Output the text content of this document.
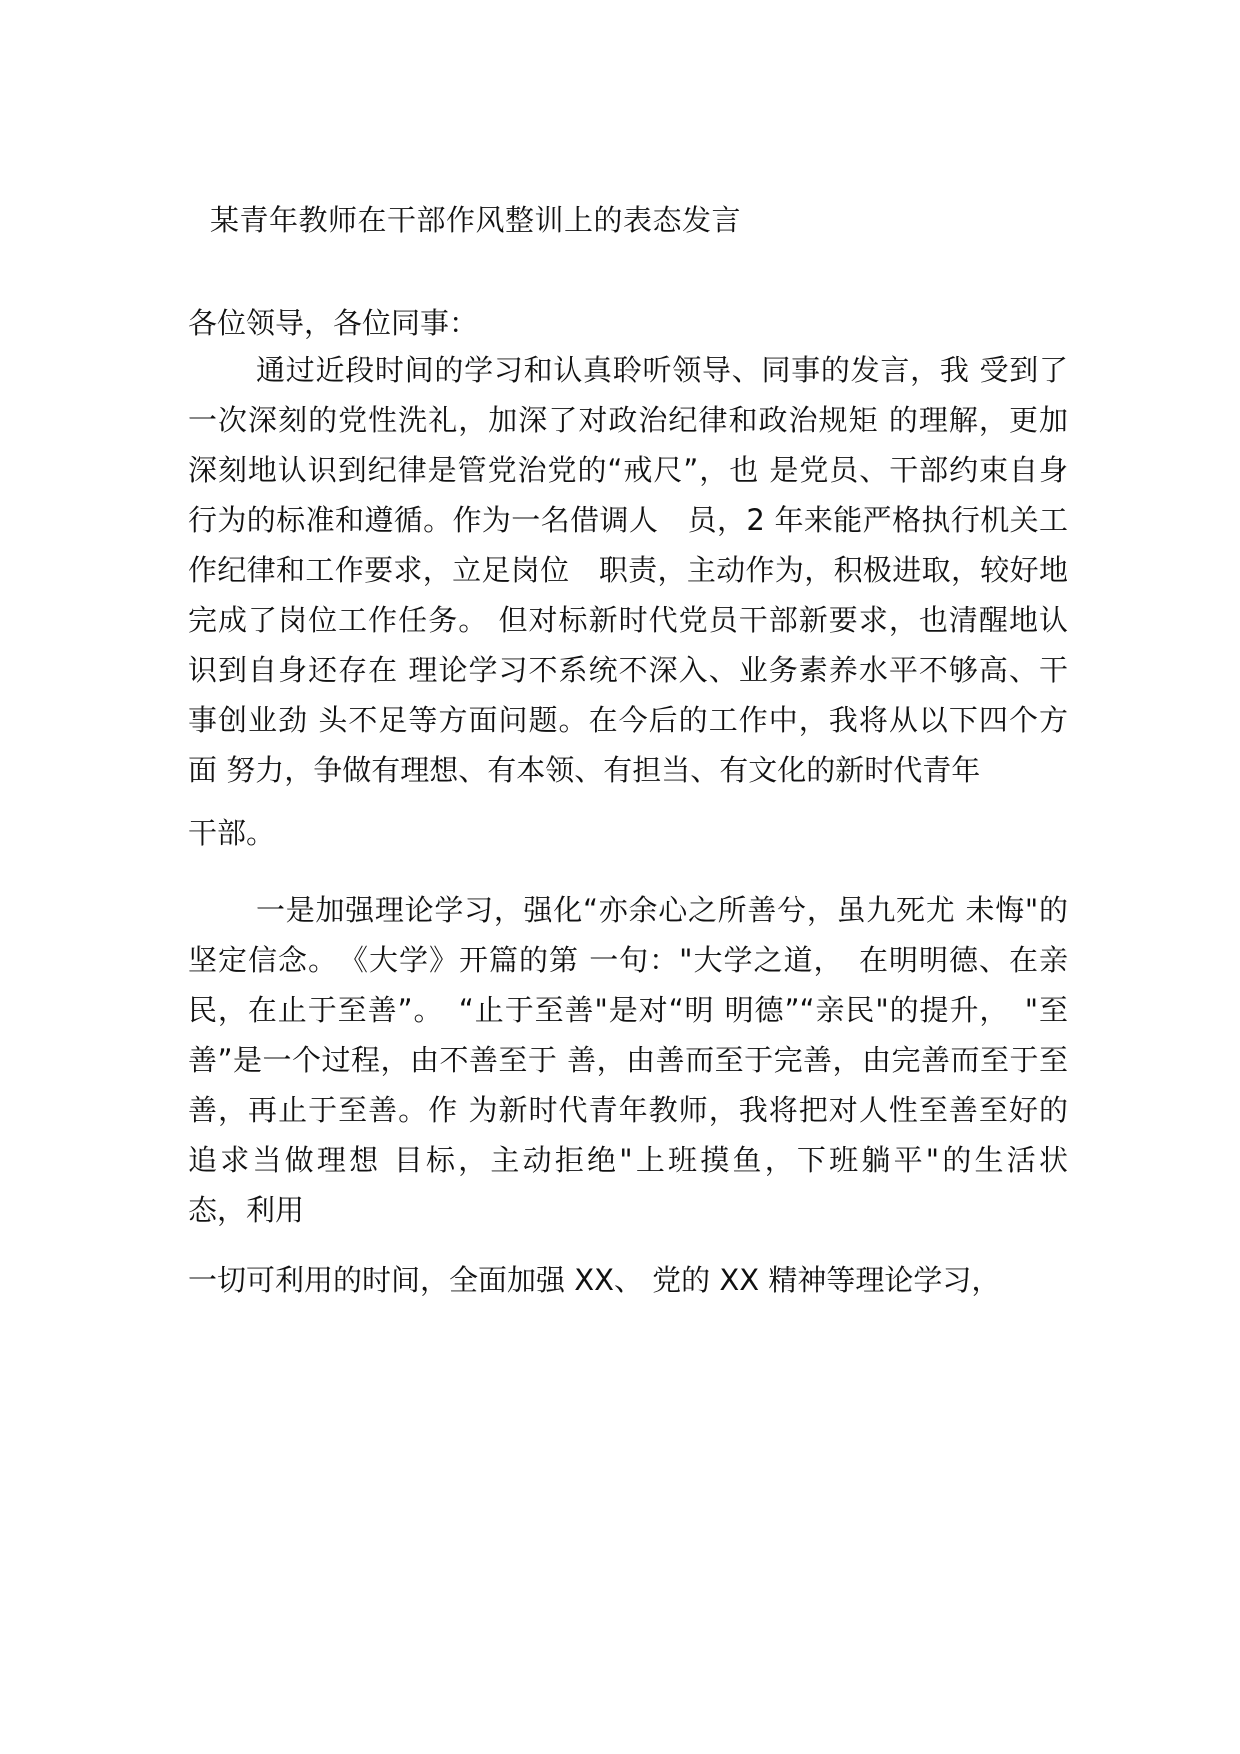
某青年教师在干部作风整训上的表态发言
各位领导，各位同事：
通过近段时间的学习和认真聆听领导、同事的发言，我 受到了
一次深刻的党性洗礼，加深了对政治纪律和政治规矩 的理解，更加
深刻地认识到纪律是管党治党的“戒尺”，也 是党员、干部约束自身
行为的标准和遵循。作为一名借调人　员，2 年来能严格执行机关工
作纪律和工作要求，立足岗位　职责，主动作为，积极进取，较好地
完成了岗位工作任务。 但对标新时代党员干部新要求，也清醒地认
识到自身还存在 理论学习不系统不深入、业务素养水平不够高、干
事创业劲 头不足等方面问题。在今后的工作中，我将从以下四个方
面 努力，争做有理想、有本领、有担当、有文化的新时代青年
干部。
一是加强理论学习，强化“亦余心之所善兮，虽九死尤 未悔"的
坚定信念。　《大学》开篇的第 一句："大学之道，　在明明德、在亲
民，在止于至善”。　“止于至善"是对“明 明德”“亲民"的提升，　"至
善”是一个过程，由不善至于 善，由善而至于完善，由完善而至于至
善，再止于至善。作 为新时代青年教师，我将把对人性至善至好的
追求当做理想 目标，主动拒绝"上班摸鱼，下班躺平"的生活状
态，利用
一切可利用的时间，全面加强 XX、 党的 XX 精神等理论学习，
